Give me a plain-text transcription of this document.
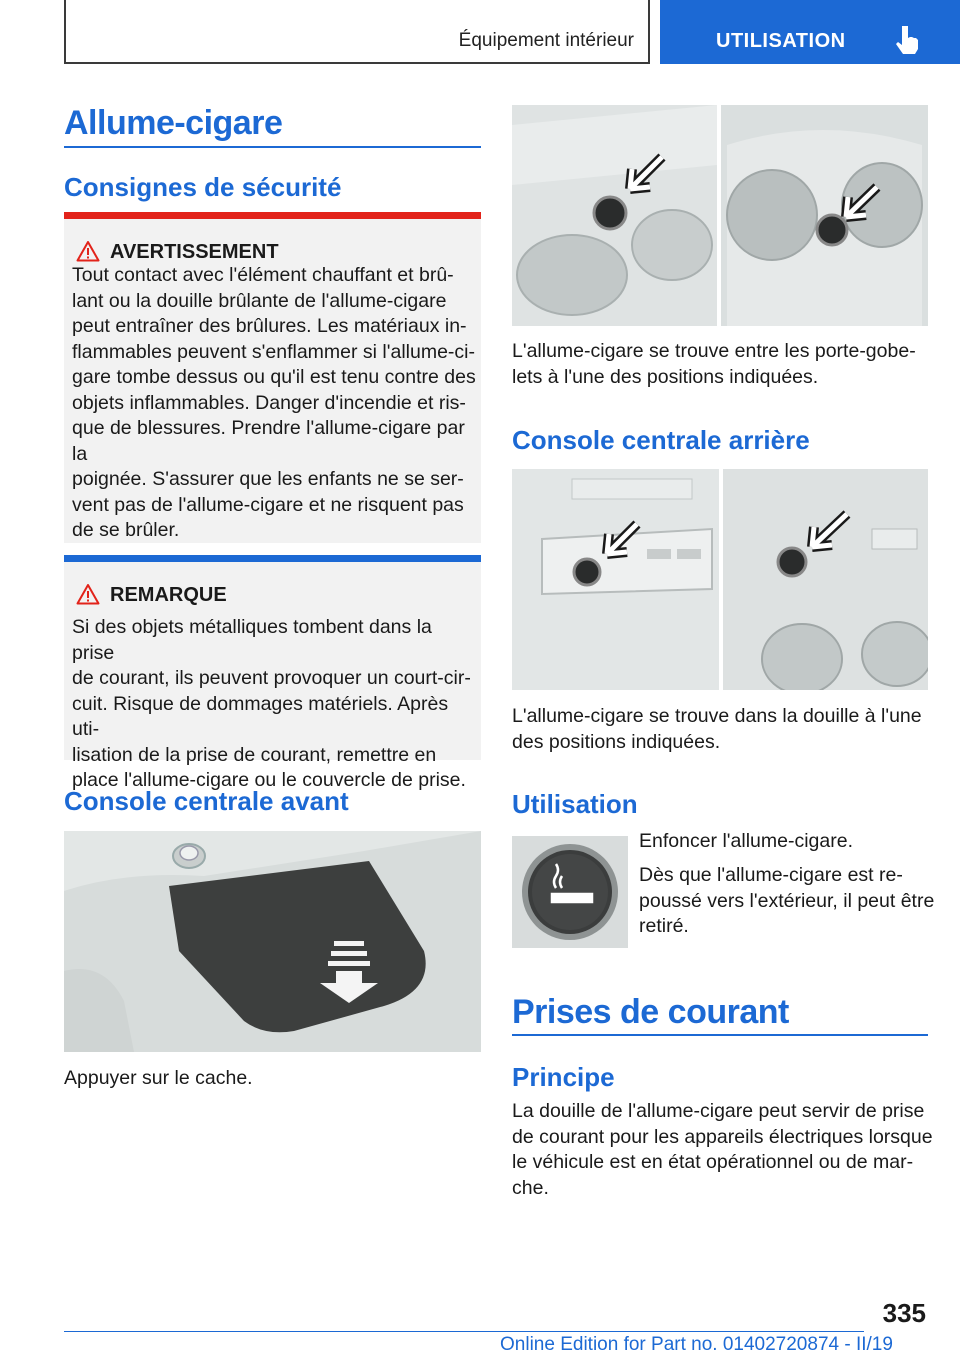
Équipement intérieur	UTILISATION
Allume-cigare
Consignes de sécurité
AVERTISSEMENT
Tout contact avec l'élément chauffant et brû-
lant ou la douille brûlante de l'allume-cigare
peut entraîner des brûlures. Les matériaux in-
flammables peuvent s'enflammer si l'allume-ci-
gare tombe dessus ou qu'il est tenu contre des
objets inflammables. Danger d'incendie et ris-
que de blessures. Prendre l'allume-cigare par la
poignée. S'assurer que les enfants ne se ser-
vent pas de l'allume-cigare et ne risquent pas
de se brûler.
REMARQUE
Si des objets métalliques tombent dans la prise
de courant, ils peuvent provoquer un court-cir-
cuit. Risque de dommages matériels. Après uti-
lisation de la prise de courant, remettre en
place l'allume-cigare ou le couvercle de prise.
Console centrale avant
Appuyer sur le cache.
L'allume-cigare se trouve entre les porte-gobe-
lets à l'une des positions indiquées.
Console centrale arrière
L'allume-cigare se trouve dans la douille à l'une
des positions indiquées.
Utilisation
Enfoncer l'allume-cigare.
Dès que l'allume-cigare est re-
poussé vers l'extérieur, il peut être
retiré.
Prises de courant
Principe
La douille de l'allume-cigare peut servir de prise
de courant pour les appareils électriques lorsque
le véhicule est en état opérationnel ou de mar-
che.
335
Online Edition for Part no. 01402720874 - II/19
